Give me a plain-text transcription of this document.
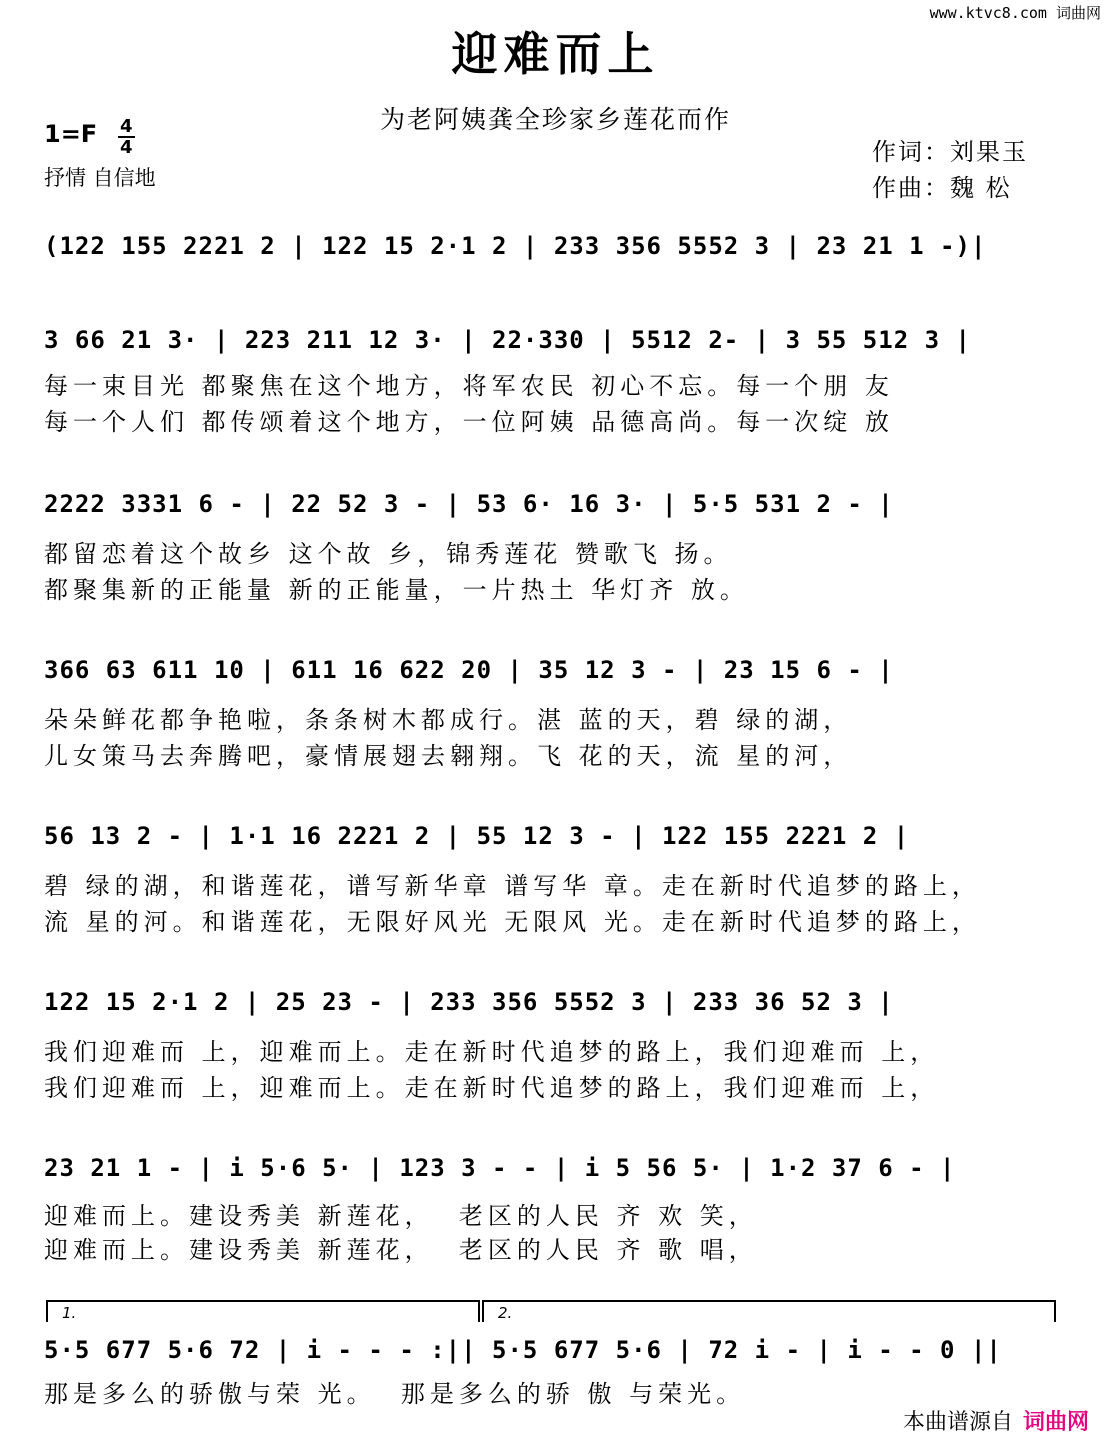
www.ktvc8.com 词曲网
迎难而上
为老阿姨龚全珍家乡莲花而作
1=F 4
4
抒情 自信地
作词：刘果玉
作曲：魏 松
(122 155 2221 2 | 122 15 2·1 2 | 233 356 5552 3 | 23 21 1 -)|
3 66 21 3· | 223 211 12 3· | 22·330 | 5512 2- | 3 55 512 3 |
每一束目光 都聚焦在这个地方，将军农民 初心不忘。每一个朋 友
每一个人们 都传颂着这个地方，一位阿姨 品德高尚。每一次绽 放
2222 3331 6 - | 22 52 3 - | 53 6· 16 3· | 5·5 531 2 - |
都留恋着这个故乡 这个故 乡，锦秀莲花 赞歌飞 扬。
都聚集新的正能量 新的正能量，一片热土 华灯齐 放。
366 63 611 10 | 611 16 622 20 | 35 12 3 - | 23 15 6 - |
朵朵鲜花都争艳啦，条条树木都成行。湛 蓝的天，碧 绿的湖，
儿女策马去奔腾吧，豪情展翅去翱翔。飞 花的天，流 星的河，
56 13 2 - | 1·1 16 2221 2 | 55 12 3 - | 122 155 2221 2 |
碧 绿的湖，和谐莲花，谱写新华章 谱写华 章。走在新时代追梦的路上，
流 星的河。和谐莲花，无限好风光 无限风 光。走在新时代追梦的路上，
122 15 2·1 2 | 25 23 - | 233 356 5552 3 | 233 36 52 3 |
我们迎难而 上，迎难而上。走在新时代追梦的路上，我们迎难而 上，
我们迎难而 上，迎难而上。走在新时代追梦的路上，我们迎难而 上，
23 21 1 - | i 5·6 5· | 123 3 - - | i 5 56 5· | 1·2 37 6 - |
迎难而上。建设秀美 新莲花，  老区的人民 齐 欢 笑，
迎难而上。建设秀美 新莲花，  老区的人民 齐 歌 唱，
1.	2.
5·5 677 5·6 72 | i - - - :|| 5·5 677 5·6 | 72 i - | i - - 0 ||
那是多么的骄傲与荣 光。  那是多么的骄 傲 与荣光。
本曲谱源自 词曲网
